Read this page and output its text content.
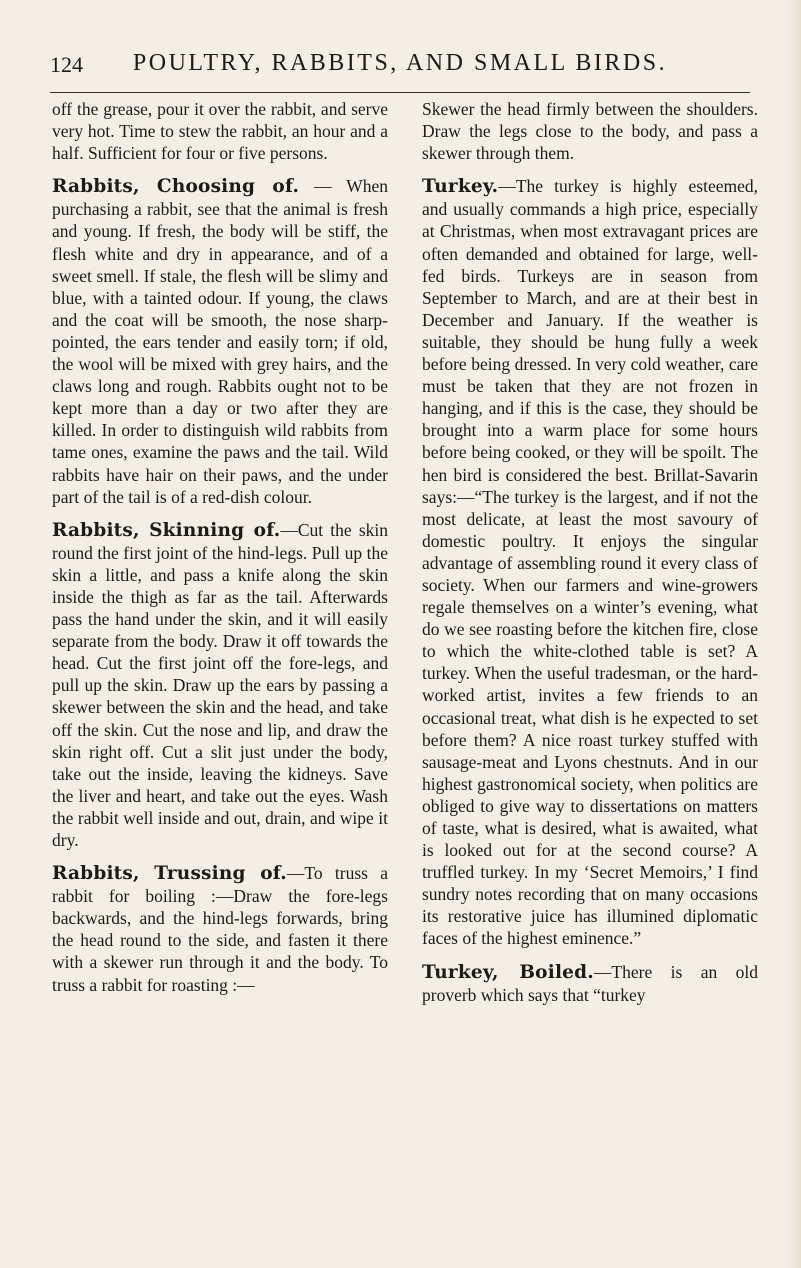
124	POULTRY, RABBITS, AND SMALL BIRDS.

off the grease, pour it over the rabbit, and serve very hot. Time to stew the rabbit, an hour and a half. Sufficient for four or five persons.

Rabbits, Choosing of. — When purchasing a rabbit, see that the animal is fresh and young. If fresh, the body will be stiff, the flesh white and dry in appearance, and of a sweet smell. If stale, the flesh will be slimy and blue, with a tainted odour. If young, the claws and the coat will be smooth, the nose sharp-pointed, the ears tender and easily torn; if old, the wool will be mixed with grey hairs, and the claws long and rough. Rabbits ought not to be kept more than a day or two after they are killed. In order to distinguish wild rabbits from tame ones, examine the paws and the tail. Wild rabbits have hair on their paws, and the under part of the tail is of a red-dish colour.

Rabbits, Skinning of.—Cut the skin round the first joint of the hind-legs. Pull up the skin a little, and pass a knife along the skin inside the thigh as far as the tail. Afterwards pass the hand under the skin, and it will easily separate from the body. Draw it off towards the head. Cut the first joint off the fore-legs, and pull up the skin. Draw up the ears by passing a skewer between the skin and the head, and take off the skin. Cut the nose and lip, and draw the skin right off. Cut a slit just under the body, take out the inside, leaving the kidneys. Save the liver and heart, and take out the eyes. Wash the rabbit well inside and out, drain, and wipe it dry.

Rabbits, Trussing of.—To truss a rabbit for boiling :—Draw the fore-legs backwards, and the hind-legs forwards, bring the head round to the side, and fasten it there with a skewer run through it and the body. To truss a rabbit for roasting :—

Skewer the head firmly between the shoulders. Draw the legs close to the body, and pass a skewer through them.

Turkey.—The turkey is highly esteemed, and usually commands a high price, especially at Christmas, when most extravagant prices are often demanded and obtained for large, well-fed birds. Turkeys are in season from September to March, and are at their best in December and January. If the weather is suitable, they should be hung fully a week before being dressed. In very cold weather, care must be taken that they are not frozen in hanging, and if this is the case, they should be brought into a warm place for some hours before being cooked, or they will be spoilt. The hen bird is considered the best. Brillat-Savarin says:—“The turkey is the largest, and if not the most delicate, at least the most savoury of domestic poultry. It enjoys the singular advantage of assembling round it every class of society. When our farmers and wine-growers regale themselves on a winter’s evening, what do we see roasting before the kitchen fire, close to which the white-clothed table is set? A turkey. When the useful tradesman, or the hard-worked artist, invites a few friends to an occasional treat, what dish is he expected to set before them? A nice roast turkey stuffed with sausage-meat and Lyons chestnuts. And in our highest gastronomical society, when politics are obliged to give way to dissertations on matters of taste, what is desired, what is awaited, what is looked out for at the second course? A truffled turkey. In my ‘Secret Memoirs,’ I find sundry notes recording that on many occasions its restorative juice has illumined diplomatic faces of the highest eminence.”

Turkey, Boiled.—There is an old proverb which says that “turkey
